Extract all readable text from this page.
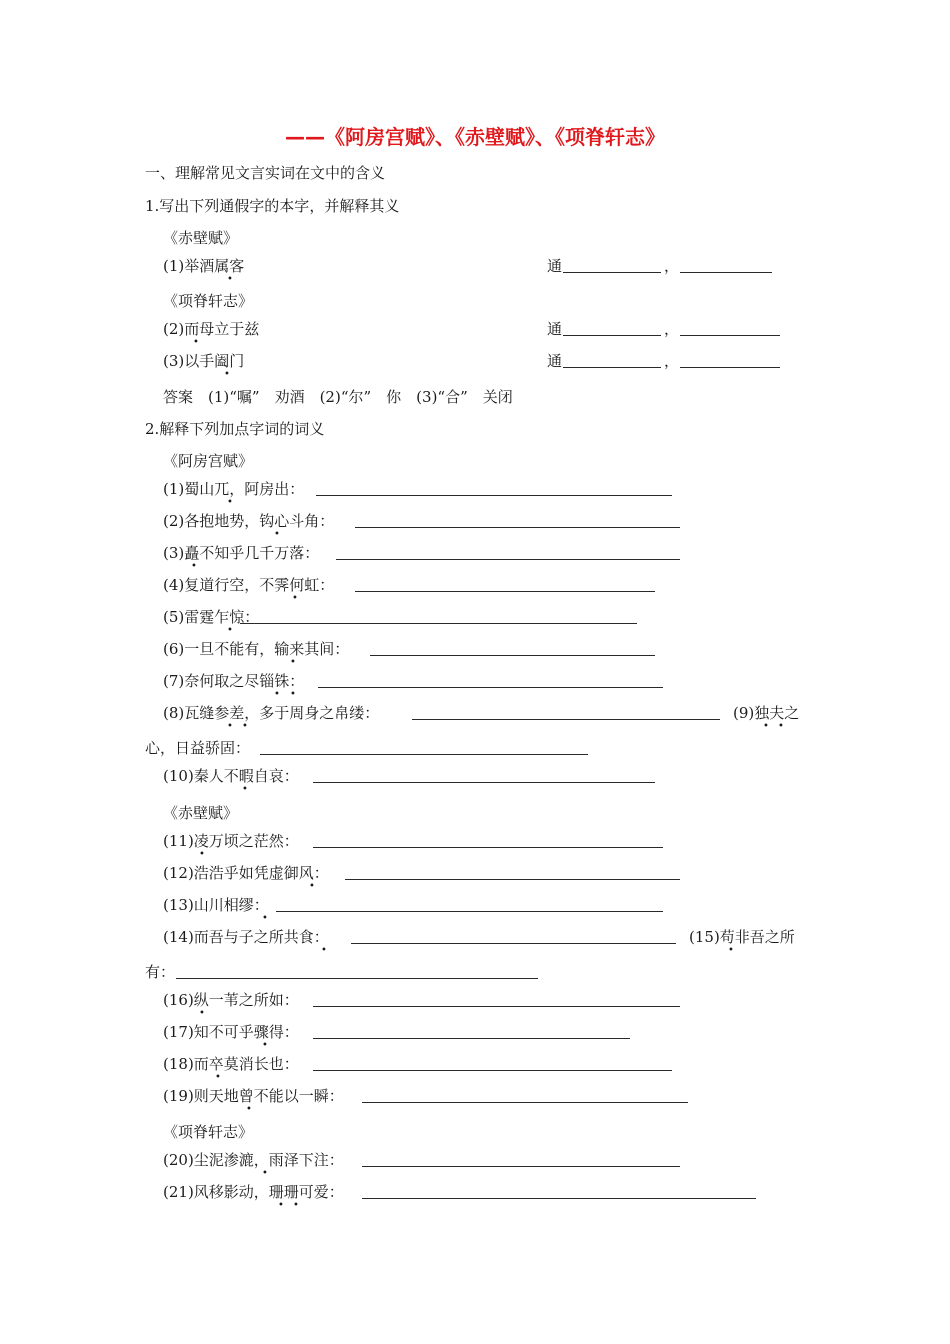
——《阿房宫赋》、《赤壁赋》、《项脊轩志》
一、理解常见文言实词在文中的含义
1.写出下列通假字的本字，并解释其义
《赤壁赋》
(1)举酒属客
•
通	，
《项脊轩志》
(2)而母立于兹
•
通	，
(3)以手阖门
•
通	，
答案　(1)“嘱”　劝酒　(2)“尔”　你　(3)“合”　关闭
2.解释下列加点字词的词义
《阿房宫赋》
(1)蜀山兀，阿房出：
•
(2)各抱地势，钩心斗角：
•
(3)矗不知乎几千万落：
•
(4)复道行空，不霁何虹：
•
(5)雷霆乍惊：
•
(6)一旦不能有，输来其间：
•
(7)奈何取之尽锱铢：
• •
(8)瓦缝参差，多于周身之帛缕：
• •
(9)独夫之
• •
心，日益骄固：
(10)秦人不暇自哀：
•
《赤壁赋》
(11)凌万顷之茫然：
•
(12)浩浩乎如凭虚御风：
•
(13)山川相缪：
•
(14)而吾与子之所共食：
•
(15)苟非吾之所
•
有：
(16)纵一苇之所如：
•
(17)知不可乎骤得：
•
(18)而卒莫消长也：
•
(19)则天地曾不能以一瞬：
•
《项脊轩志》
(20)尘泥渗漉，雨泽下注：
•
(21)风移影动，珊珊可爱：
• •
